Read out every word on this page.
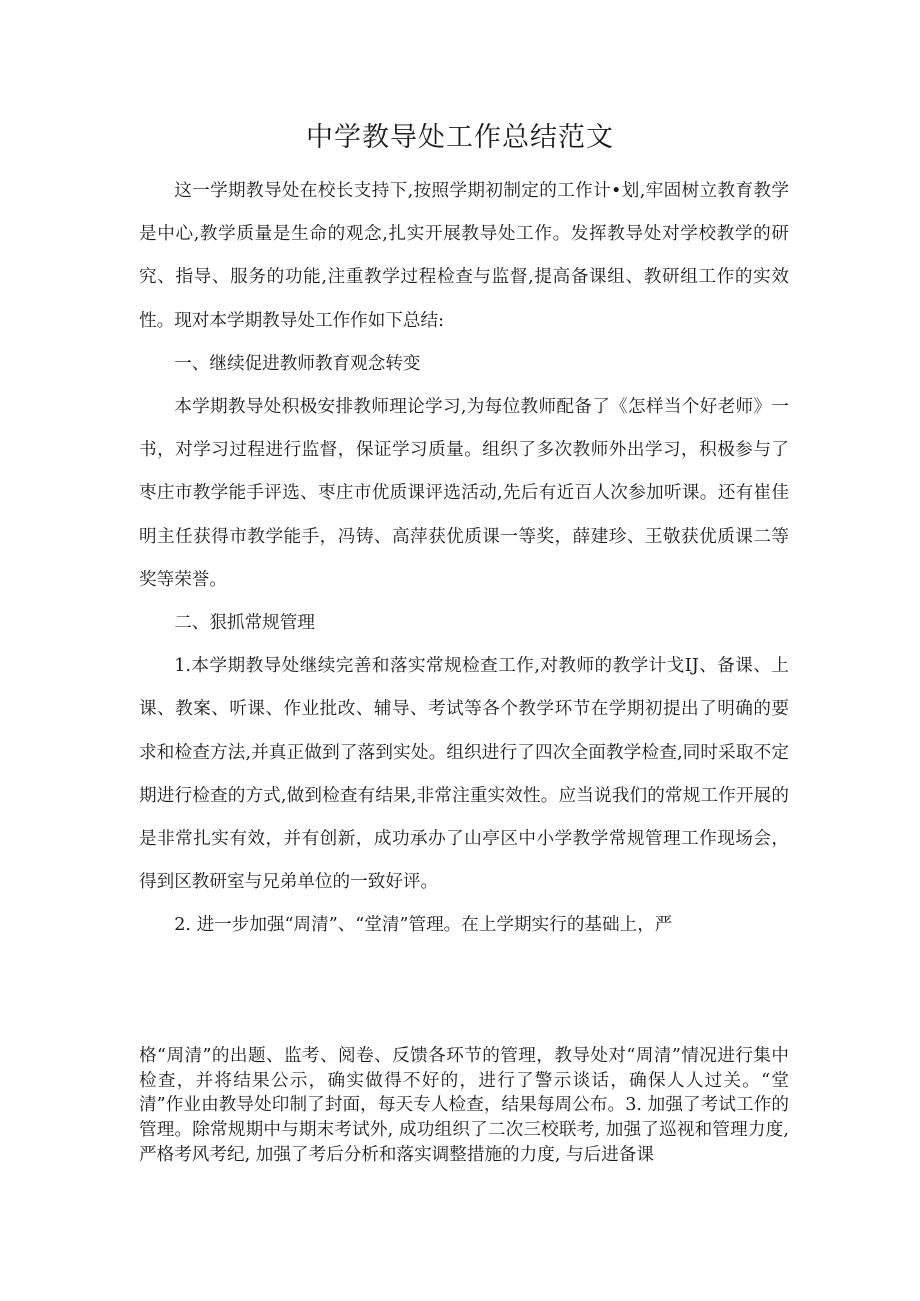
中学教导处工作总结范文

这一学期教导处在校长支持下,按照学期初制定的工作计•划,牢固树立教育教学是中心,教学质量是生命的观念,扎实开展教导处工作。发挥教导处对学校教学的研究、指导、服务的功能,注重教学过程检查与监督,提高备课组、教研组工作的实效性。现对本学期教导处工作作如下总结:

一、继续促进教师教育观念转变

本学期教导处积极安排教师理论学习,为每位教师配备了《怎样当个好老师》一书，对学习过程进行监督，保证学习质量。组织了多次教师外出学习，积极参与了枣庄市教学能手评选、枣庄市优质课评选活动,先后有近百人次参加听课。还有崔佳明主任获得市教学能手，冯铸、高萍获优质课一等奖，薛建珍、王敬获优质课二等奖等荣誉。

二、狠抓常规管理

1.本学期教导处继续完善和落实常规检查工作,对教师的教学计戈IJ、备课、上课、教案、听课、作业批改、辅导、考试等各个教学环节在学期初提出了明确的要求和检查方法,并真正做到了落到实处。组织进行了四次全面教学检查,同时采取不定期进行检查的方式,做到检查有结果,非常注重实效性。应当说我们的常规工作开展的是非常扎实有效，并有创新，成功承办了山亭区中小学教学常规管理工作现场会，得到区教研室与兄弟单位的一致好评。

2. 进一步加强“周清”、“堂清”管理。在上学期实行的基础上，严

格“周清”的出题、监考、阅卷、反馈各环节的管理，教导处对“周清”情况进行集中检查，并将结果公示，确实做得不好的，进行了警示谈话，确保人人过关。“堂清”作业由教导处印制了封面，每天专人检查，结果每周公布。3. 加强了考试工作的管理。除常规期中与期末考试外, 成功组织了二次三校联考, 加强了巡视和管理力度, 严格考风考纪, 加强了考后分析和落实调整措施的力度, 与后进备课
